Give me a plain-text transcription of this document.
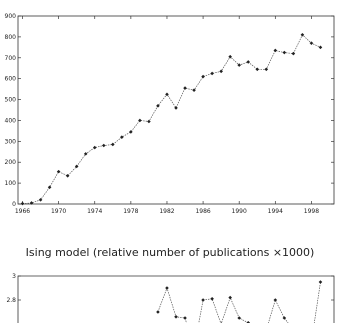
Ising model (relative number of publications ×1000)
0
100
200
300
400
500
600
700
800
900
1966	1970	1974	1978	1982	1986	1990	1994	1998
3
2.8
